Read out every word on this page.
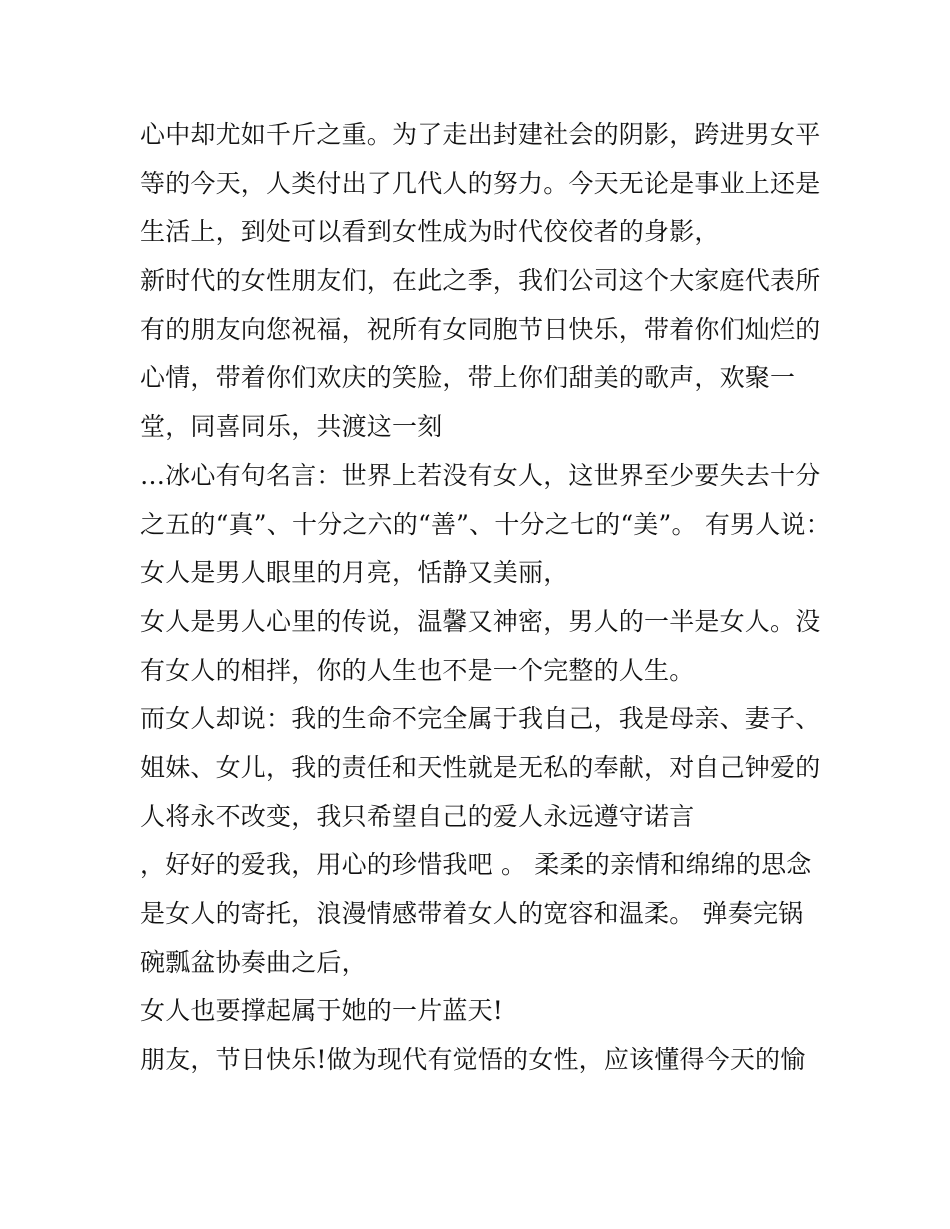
心中却尤如千斤之重。为了走出封建社会的阴影，跨进男女平
等的今天，人类付出了几代人的努力。今天无论是事业上还是
生活上，到处可以看到女性成为时代佼佼者的身影，
新时代的女性朋友们，在此之季，我们公司这个大家庭代表所
有的朋友向您祝福，祝所有女同胞节日快乐，带着你们灿烂的
心情，带着你们欢庆的笑脸，带上你们甜美的歌声，欢聚一
堂，同喜同乐，共渡这一刻
…冰心有句名言：世界上若没有女人，这世界至少要失去十分
之五的“真”、十分之六的“善”、十分之七的“美”。 有男人说：
女人是男人眼里的月亮，恬静又美丽，
女人是男人心里的传说，温馨又神密，男人的一半是女人。没
有女人的相拌，你的人生也不是一个完整的人生。
而女人却说：我的生命不完全属于我自己，我是母亲、妻子、
姐妹、女儿，我的责任和天性就是无私的奉献，对自己钟爱的
人将永不改变，我只希望自己的爱人永远遵守诺言
，好好的爱我，用心的珍惜我吧 。 柔柔的亲情和绵绵的思念
是女人的寄托，浪漫情感带着女人的宽容和温柔。 弹奏完锅
碗瓢盆协奏曲之后，
女人也要撑起属于她的一片蓝天!
朋友，节日快乐!做为现代有觉悟的女性，应该懂得今天的愉
